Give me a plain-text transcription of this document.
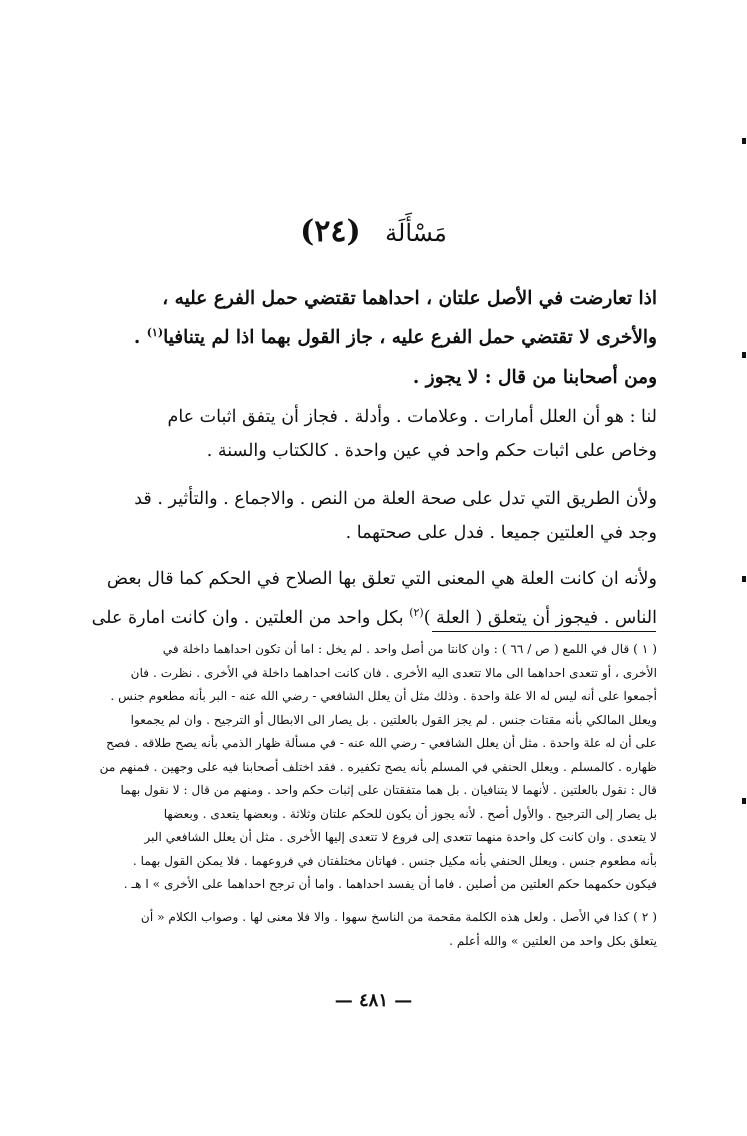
مَسْأَلَة (٢٤)
اذا تعارضت في الأصل علتان ، احداهما تقتضي حمل الفرع عليه ،
والأخرى لا تقتضي حمل الفرع عليه ، جاز القول بهما اذا لم يتنافيا$^{(١)}$ .
ومن أصحابنا من قال : لا يجوز .
لنا : هو أن العلل أمارات . وعلامات . وأدلة . فجاز أن يتفق اثبات عام
وخاص على اثبات حكم واحد في عين واحدة . كالكتاب والسنة .
ولأن الطريق التي تدل على صحة العلة من النص . والاجماع . والتأثير . قد
وجد في العلتين جميعا . فدل على صحتهما .
ولأنه ان كانت العلة هي المعنى التي تعلق بها الصلاح في الحكم كما قال بعض
الناس . فيجوز أن يتعلق ( العلة )$^{(٢)}$ بكل واحد من العلتين . وان كانت امارة على
( ١ ) قال في اللمع ( ص / ٦٦ ) : وان كانتا من أصل واحد . لم يخل : اما أن تكون احداهما داخلة في
الأخرى ، أو تتعدى احداهما الى مالا تتعدى اليه الأخرى . فان كانت احداهما داخلة في الأخرى . نظرت . فان
أجمعوا على أنه ليس له الا علة واحدة . وذلك مثل أن يعلل الشافعي - رضي الله عنه - البر بأنه مطعوم جنس .
ويعلل المالكي بأنه مقتات جنس . لم يجز القول بالعلتين . بل يصار الى الابطال أو الترجيح . وان لم يجمعوا
على أن له علة واحدة . مثل أن يعلل الشافعي - رضي الله عنه - في مسألة ظهار الذمي بأنه يصح طلاقه . فصح
ظهاره . كالمسلم . ويعلل الحنفي في المسلم بأنه يصح تكفيره . فقد اختلف أصحابنا فيه على وجهين . فمنهم من
قال : نقول بالعلتين . لأنهما لا يتنافيان . بل هما متفقتان على إثبات حكم واحد . ومنهم من قال : لا نقول بهما
بل يصار إلى الترجيح . والأول أصح . لأنه يجوز أن يكون للحكم علتان وثلاثة . وبعضها يتعدى . وبعضها
لا يتعدى . وان كانت كل واحدة منهما تتعدى إلى فروع لا تتعدى إليها الأخرى . مثل أن يعلل الشافعي البر
بأنه مطعوم جنس . ويعلل الحنفي بأنه مكيل جنس . فهاتان مختلفتان في فروعهما . فلا يمكن القول بهما .
فيكون حكمهما حكم العلتين من أصلين . فاما أن يفسد احداهما . واما أن ترجح احداهما على الأخرى » ا هـ .
( ٢ ) كذا في الأصل . ولعل هذه الكلمة مقحمة من الناسخ سهوا . والا فلا معنى لها . وصواب الكلام « أن
يتعلق بكل واحد من العلتين » والله أعلم .
— ٤٨١ —
